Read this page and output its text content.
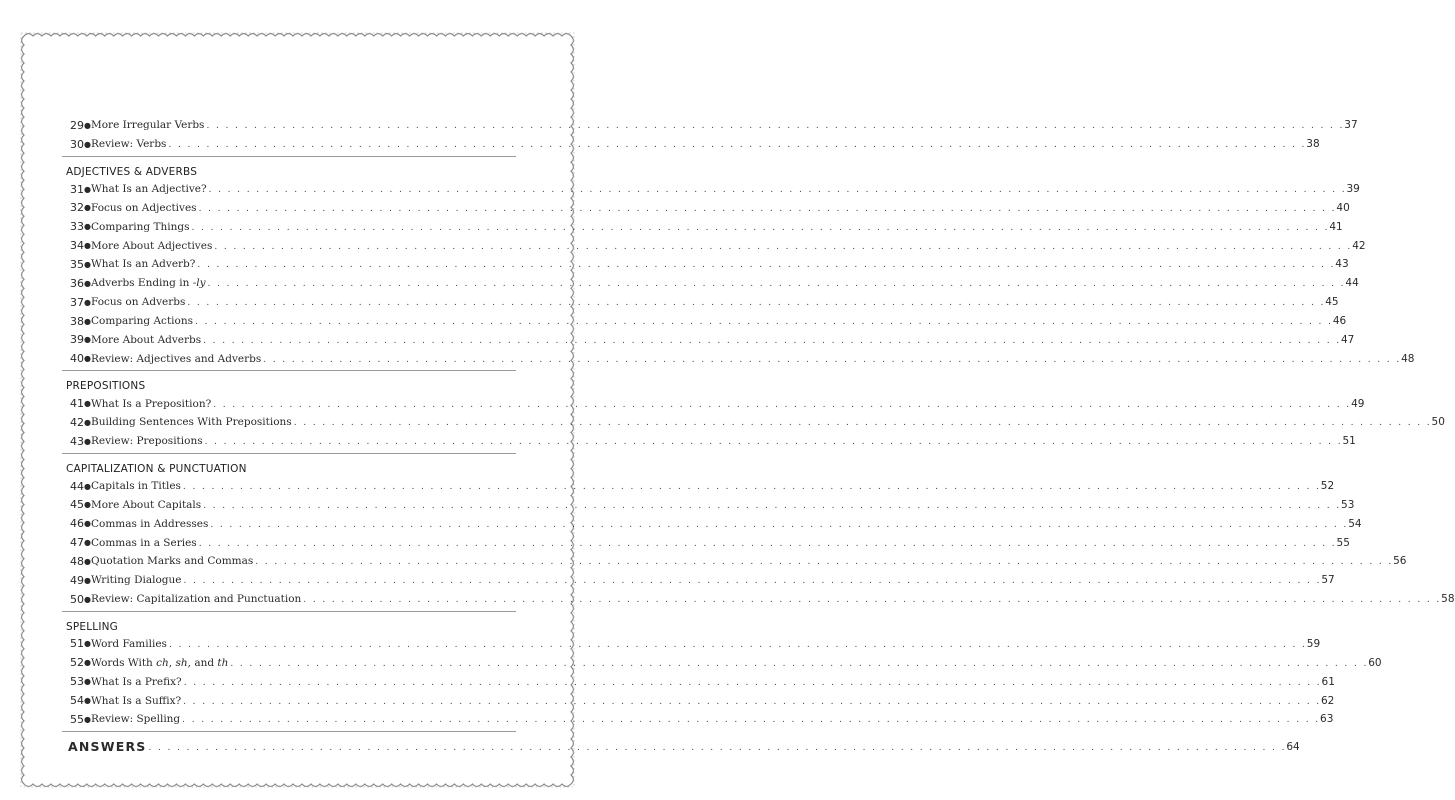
29 ● More Irregular Verbs . . . . . . . . . . . . . . . . . . . . . . . . . . . . . . . . . . . . . . . . . . . . . . . . . . . . . . . . . . . . . . . . . . . . . . . . . . . . . . . . . . . . . . . . . . . . . . . . . . . . . . . . . . . . . . . . . . . . . . . . 37
30 ● Review: Verbs . . . . . . . . . . . . . . . . . . . . . . . . . . . . . . . . . . . . . . . . . . . . . . . . . . . . . . . . . . . . . . . . . . . . . . . . . . . . . . . . . . . . . . . . . . . . . . . . . . . . . . . . . . . . . . . . . . . . . . . . 38
ADJECTIVES & ADVERBS
31 ● What Is an Adjective? . . . . . . . . . . . . . . . . . . . . . . . . . . . . . . . . . . . . . . . . . . . . . . . . . . . . . . . . . . . . . . . . . . . . . . . . . . . . . . . . . . . . . . . . . . . . . . . . . . . . . . . . . . . . . . . . . . . . . . . . 39
32 ● Focus on Adjectives . . . . . . . . . . . . . . . . . . . . . . . . . . . . . . . . . . . . . . . . . . . . . . . . . . . . . . . . . . . . . . . . . . . . . . . . . . . . . . . . . . . . . . . . . . . . . . . . . . . . . . . . . . . . . . . . . . . . . . . . 40
33 ● Comparing Things . . . . . . . . . . . . . . . . . . . . . . . . . . . . . . . . . . . . . . . . . . . . . . . . . . . . . . . . . . . . . . . . . . . . . . . . . . . . . . . . . . . . . . . . . . . . . . . . . . . . . . . . . . . . . . . . . . . . . . . . 41
34 ● More About Adjectives . . . . . . . . . . . . . . . . . . . . . . . . . . . . . . . . . . . . . . . . . . . . . . . . . . . . . . . . . . . . . . . . . . . . . . . . . . . . . . . . . . . . . . . . . . . . . . . . . . . . . . . . . . . . . . . . . . . . . . . . 42
35 ● What Is an Adverb? . . . . . . . . . . . . . . . . . . . . . . . . . . . . . . . . . . . . . . . . . . . . . . . . . . . . . . . . . . . . . . . . . . . . . . . . . . . . . . . . . . . . . . . . . . . . . . . . . . . . . . . . . . . . . . . . . . . . . . . . 43
36 ● Adverbs Ending in -ly . . . . . . . . . . . . . . . . . . . . . . . . . . . . . . . . . . . . . . . . . . . . . . . . . . . . . . . . . . . . . . . . . . . . . . . . . . . . . . . . . . . . . . . . . . . . . . . . . . . . . . . . . . . . . . . . . . . . . . . . 44
37 ● Focus on Adverbs . . . . . . . . . . . . . . . . . . . . . . . . . . . . . . . . . . . . . . . . . . . . . . . . . . . . . . . . . . . . . . . . . . . . . . . . . . . . . . . . . . . . . . . . . . . . . . . . . . . . . . . . . . . . . . . . . . . . . . . . 45
38 ● Comparing Actions . . . . . . . . . . . . . . . . . . . . . . . . . . . . . . . . . . . . . . . . . . . . . . . . . . . . . . . . . . . . . . . . . . . . . . . . . . . . . . . . . . . . . . . . . . . . . . . . . . . . . . . . . . . . . . . . . . . . . . . . 46
39 ● More About Adverbs . . . . . . . . . . . . . . . . . . . . . . . . . . . . . . . . . . . . . . . . . . . . . . . . . . . . . . . . . . . . . . . . . . . . . . . . . . . . . . . . . . . . . . . . . . . . . . . . . . . . . . . . . . . . . . . . . . . . . . . . 47
40 ● Review: Adjectives and Adverbs . . . . . . . . . . . . . . . . . . . . . . . . . . . . . . . . . . . . . . . . . . . . . . . . . . . . . . . . . . . . . . . . . . . . . . . . . . . . . . . . . . . . . . . . . . . . . . . . . . . . . . . . . . . . . . . . . . . . . . . . 48
PREPOSITIONS
41 ● What Is a Preposition? . . . . . . . . . . . . . . . . . . . . . . . . . . . . . . . . . . . . . . . . . . . . . . . . . . . . . . . . . . . . . . . . . . . . . . . . . . . . . . . . . . . . . . . . . . . . . . . . . . . . . . . . . . . . . . . . . . . . . . . . 49
42 ● Building Sentences With Prepositions . . . . . . . . . . . . . . . . . . . . . . . . . . . . . . . . . . . . . . . . . . . . . . . . . . . . . . . . . . . . . . . . . . . . . . . . . . . . . . . . . . . . . . . . . . . . . . . . . . . . . . . . . . . . . . . . . . . . . . . . 50
43 ● Review: Prepositions . . . . . . . . . . . . . . . . . . . . . . . . . . . . . . . . . . . . . . . . . . . . . . . . . . . . . . . . . . . . . . . . . . . . . . . . . . . . . . . . . . . . . . . . . . . . . . . . . . . . . . . . . . . . . . . . . . . . . . . . 51
CAPITALIZATION & PUNCTUATION
44 ● Capitals in Titles . . . . . . . . . . . . . . . . . . . . . . . . . . . . . . . . . . . . . . . . . . . . . . . . . . . . . . . . . . . . . . . . . . . . . . . . . . . . . . . . . . . . . . . . . . . . . . . . . . . . . . . . . . . . . . . . . . . . . . . . 52
45 ● More About Capitals . . . . . . . . . . . . . . . . . . . . . . . . . . . . . . . . . . . . . . . . . . . . . . . . . . . . . . . . . . . . . . . . . . . . . . . . . . . . . . . . . . . . . . . . . . . . . . . . . . . . . . . . . . . . . . . . . . . . . . . . 53
46 ● Commas in Addresses . . . . . . . . . . . . . . . . . . . . . . . . . . . . . . . . . . . . . . . . . . . . . . . . . . . . . . . . . . . . . . . . . . . . . . . . . . . . . . . . . . . . . . . . . . . . . . . . . . . . . . . . . . . . . . . . . . . . . . . . 54
47 ● Commas in a Series . . . . . . . . . . . . . . . . . . . . . . . . . . . . . . . . . . . . . . . . . . . . . . . . . . . . . . . . . . . . . . . . . . . . . . . . . . . . . . . . . . . . . . . . . . . . . . . . . . . . . . . . . . . . . . . . . . . . . . . . 55
48 ● Quotation Marks and Commas . . . . . . . . . . . . . . . . . . . . . . . . . . . . . . . . . . . . . . . . . . . . . . . . . . . . . . . . . . . . . . . . . . . . . . . . . . . . . . . . . . . . . . . . . . . . . . . . . . . . . . . . . . . . . . . . . . . . . . . . 56
49 ● Writing Dialogue . . . . . . . . . . . . . . . . . . . . . . . . . . . . . . . . . . . . . . . . . . . . . . . . . . . . . . . . . . . . . . . . . . . . . . . . . . . . . . . . . . . . . . . . . . . . . . . . . . . . . . . . . . . . . . . . . . . . . . . . 57
50 ● Review: Capitalization and Punctuation . . . . . . . . . . . . . . . . . . . . . . . . . . . . . . . . . . . . . . . . . . . . . . . . . . . . . . . . . . . . . . . . . . . . . . . . . . . . . . . . . . . . . . . . . . . . . . . . . . . . . . . . . . . . . . . . . . . . . . . . 58
SPELLING
51 ● Word Families . . . . . . . . . . . . . . . . . . . . . . . . . . . . . . . . . . . . . . . . . . . . . . . . . . . . . . . . . . . . . . . . . . . . . . . . . . . . . . . . . . . . . . . . . . . . . . . . . . . . . . . . . . . . . . . . . . . . . . . . 59
52 ● Words With ch, sh, and th . . . . . . . . . . . . . . . . . . . . . . . . . . . . . . . . . . . . . . . . . . . . . . . . . . . . . . . . . . . . . . . . . . . . . . . . . . . . . . . . . . . . . . . . . . . . . . . . . . . . . . . . . . . . . . . . . . . . . . . . 60
53 ● What Is a Prefix? . . . . . . . . . . . . . . . . . . . . . . . . . . . . . . . . . . . . . . . . . . . . . . . . . . . . . . . . . . . . . . . . . . . . . . . . . . . . . . . . . . . . . . . . . . . . . . . . . . . . . . . . . . . . . . . . . . . . . . . . 61
54 ● What Is a Suffix? . . . . . . . . . . . . . . . . . . . . . . . . . . . . . . . . . . . . . . . . . . . . . . . . . . . . . . . . . . . . . . . . . . . . . . . . . . . . . . . . . . . . . . . . . . . . . . . . . . . . . . . . . . . . . . . . . . . . . . . . 62
55 ● Review: Spelling . . . . . . . . . . . . . . . . . . . . . . . . . . . . . . . . . . . . . . . . . . . . . . . . . . . . . . . . . . . . . . . . . . . . . . . . . . . . . . . . . . . . . . . . . . . . . . . . . . . . . . . . . . . . . . . . . . . . . . . . 63
ANSWERS . . . . . . . . . . . . . . . . . . . . . . . . . . . . . . . . . . . . . . . . . . . . . . . . . . . . . . . . . . . . . . . . . . . . . . . . . . . . . . . . . . . . . . . . . . . . . . . . . . . . . . . . . . . . . . . . . . . . . . . . 64
